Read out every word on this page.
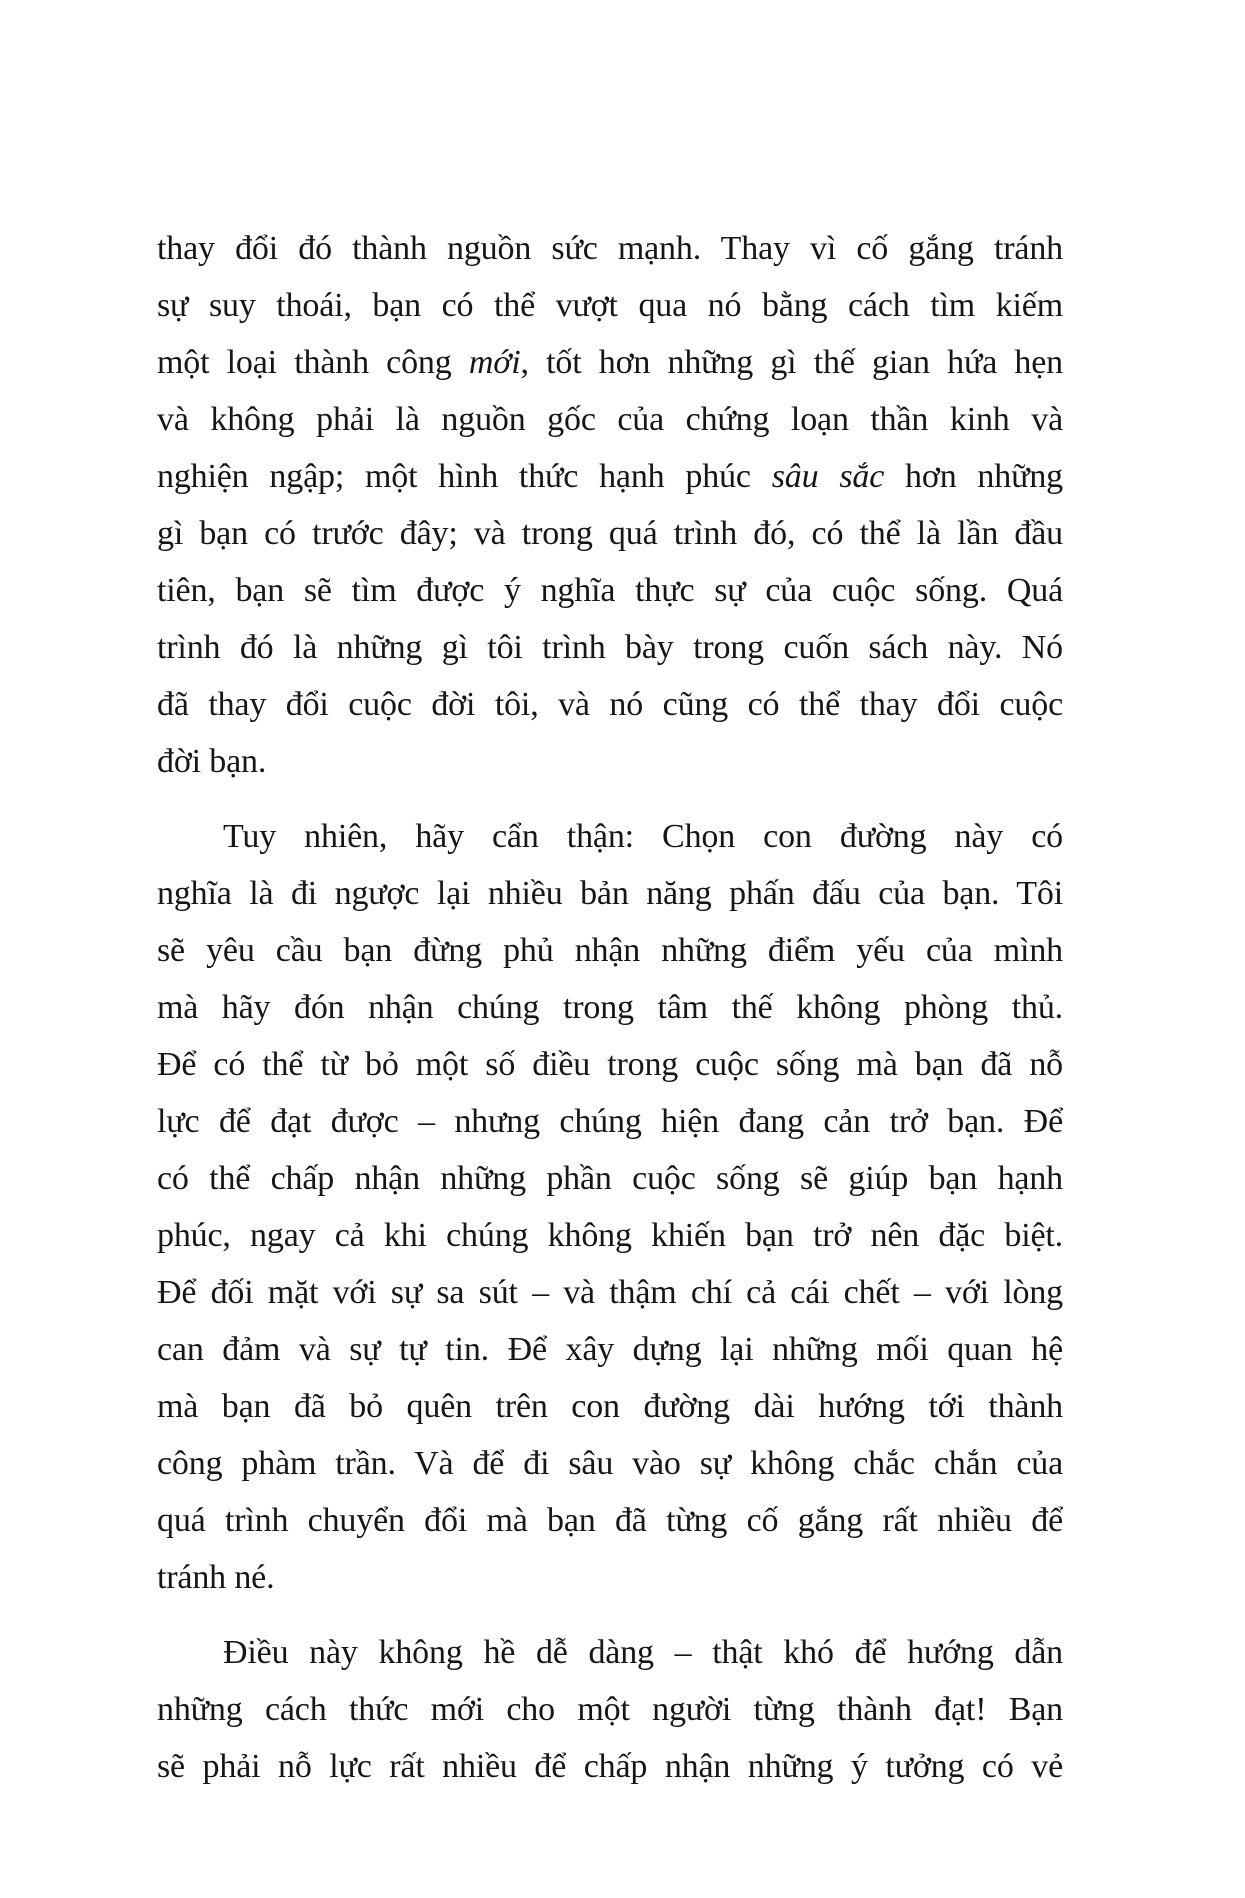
thay đổi đó thành nguồn sức mạnh. Thay vì cố gắng tránh
sự suy thoái, bạn có thể vượt qua nó bằng cách tìm kiếm
một loại thành công mới, tốt hơn những gì thế gian hứa hẹn
và không phải là nguồn gốc của chứng loạn thần kinh và
nghiện ngập; một hình thức hạnh phúc sâu sắc hơn những
gì bạn có trước đây; và trong quá trình đó, có thể là lần đầu
tiên, bạn sẽ tìm được ý nghĩa thực sự của cuộc sống. Quá
trình đó là những gì tôi trình bày trong cuốn sách này. Nó
đã thay đổi cuộc đời tôi, và nó cũng có thể thay đổi cuộc
đời bạn.
Tuy nhiên, hãy cẩn thận: Chọn con đường này có
nghĩa là đi ngược lại nhiều bản năng phấn đấu của bạn. Tôi
sẽ yêu cầu bạn đừng phủ nhận những điểm yếu của mình
mà hãy đón nhận chúng trong tâm thế không phòng thủ.
Để có thể từ bỏ một số điều trong cuộc sống mà bạn đã nỗ
lực để đạt được – nhưng chúng hiện đang cản trở bạn. Để
có thể chấp nhận những phần cuộc sống sẽ giúp bạn hạnh
phúc, ngay cả khi chúng không khiến bạn trở nên đặc biệt.
Để đối mặt với sự sa sút – và thậm chí cả cái chết – với lòng
can đảm và sự tự tin. Để xây dựng lại những mối quan hệ
mà bạn đã bỏ quên trên con đường dài hướng tới thành
công phàm trần. Và để đi sâu vào sự không chắc chắn của
quá trình chuyển đổi mà bạn đã từng cố gắng rất nhiều để
tránh né.
Điều này không hề dễ dàng – thật khó để hướng dẫn
những cách thức mới cho một người từng thành đạt! Bạn
sẽ phải nỗ lực rất nhiều để chấp nhận những ý tưởng có vẻ
